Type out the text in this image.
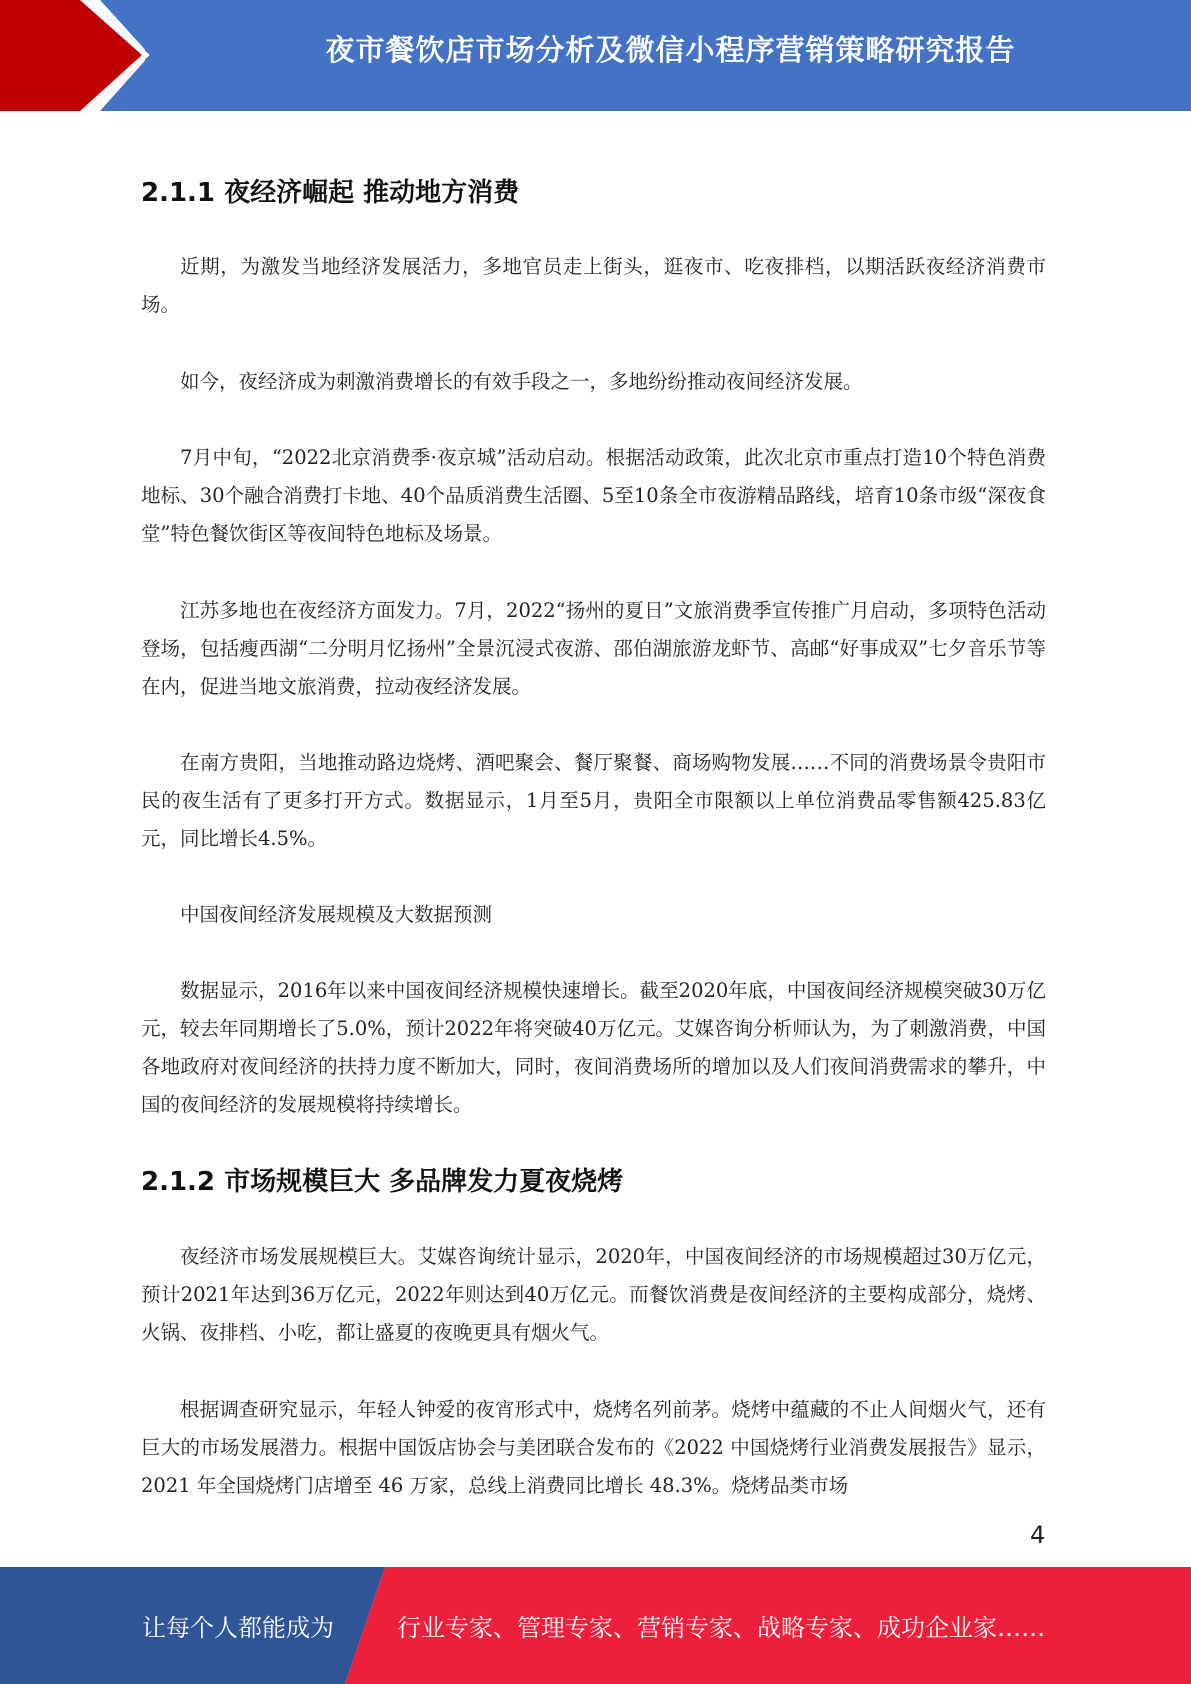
夜市餐饮店市场分析及微信小程序营销策略研究报告
2.1.1 夜经济崛起 推动地方消费

近期，为激发当地经济发展活力，多地官员走上街头，逛夜市、吃夜排档，以期活跃夜经济消费市场。

如今，夜经济成为刺激消费增长的有效手段之一，多地纷纷推动夜间经济发展。

7月中旬，“2022北京消费季·夜京城”活动启动。根据活动政策，此次北京市重点打造10个特色消费地标、30个融合消费打卡地、40个品质消费生活圈、5至10条全市夜游精品路线，培育10条市级“深夜食堂”特色餐饮街区等夜间特色地标及场景。

江苏多地也在夜经济方面发力。7月，2022“扬州的夏日”文旅消费季宣传推广月启动，多项特色活动登场，包括瘦西湖“二分明月忆扬州”全景沉浸式夜游、邵伯湖旅游龙虾节、高邮“好事成双”七夕音乐节等在内，促进当地文旅消费，拉动夜经济发展。

在南方贵阳，当地推动路边烧烤、酒吧聚会、餐厅聚餐、商场购物发展……不同的消费场景令贵阳市民的夜生活有了更多打开方式。数据显示，1月至5月，贵阳全市限额以上单位消费品零售额425.83亿元，同比增长4.5%。

中国夜间经济发展规模及大数据预测

数据显示，2016年以来中国夜间经济规模快速增长。截至2020年底，中国夜间经济规模突破30万亿元，较去年同期增长了5.0%，预计2022年将突破40万亿元。艾媒咨询分析师认为，为了刺激消费，中国各地政府对夜间经济的扶持力度不断加大，同时，夜间消费场所的增加以及人们夜间消费需求的攀升，中国的夜间经济的发展规模将持续增长。

2.1.2 市场规模巨大 多品牌发力夏夜烧烤

夜经济市场发展规模巨大。艾媒咨询统计显示，2020年，中国夜间经济的市场规模超过30万亿元，预计2021年达到36万亿元，2022年则达到40万亿元。而餐饮消费是夜间经济的主要构成部分，烧烤、火锅、夜排档、小吃，都让盛夏的夜晚更具有烟火气。

根据调查研究显示，年轻人钟爱的夜宵形式中，烧烤名列前茅。烧烤中蕴藏的不止人间烟火气，还有巨大的市场发展潜力。根据中国饭店协会与美团联合发布的《2022 中国烧烤行业消费发展报告》显示，2021 年全国烧烤门店增至 46 万家，总线上消费同比增长 48.3%。烧烤品类市场

4
让每个人都能成为	行业专家、管理专家、营销专家、战略专家、成功企业家……
